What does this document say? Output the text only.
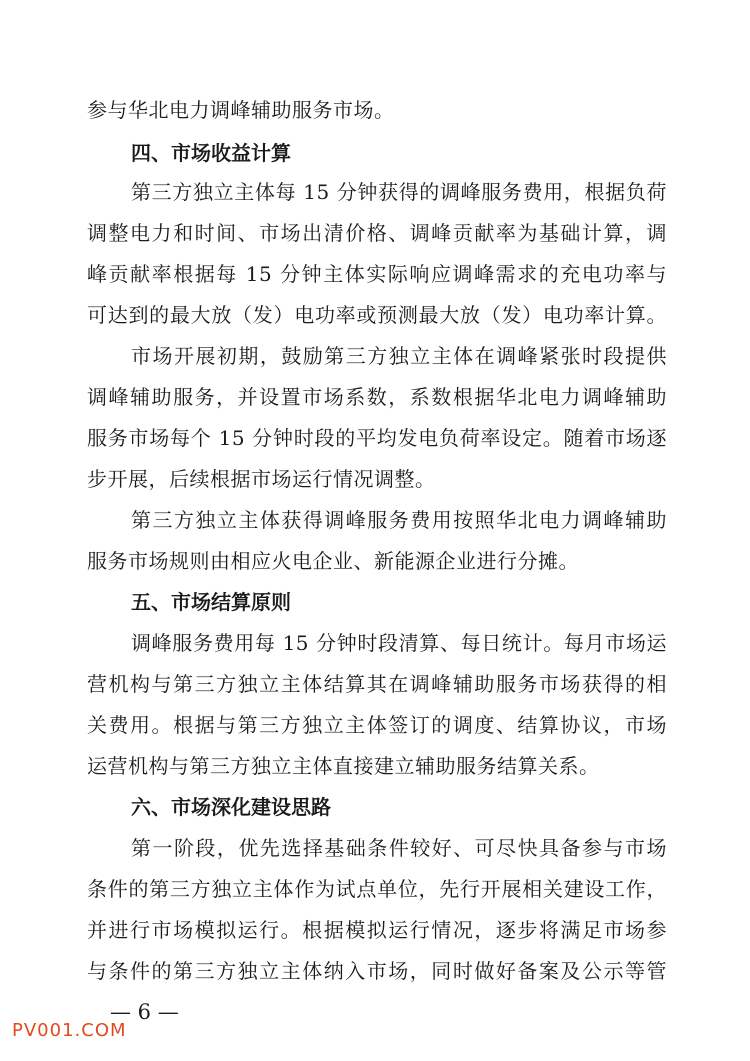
参与华北电力调峰辅助服务市场。
四、市场收益计算
第三方独立主体每 15 分钟获得的调峰服务费用，根据负荷
调整电力和时间、市场出清价格、调峰贡献率为基础计算，调
峰贡献率根据每 15 分钟主体实际响应调峰需求的充电功率与
可达到的最大放（发）电功率或预测最大放（发）电功率计算。
市场开展初期，鼓励第三方独立主体在调峰紧张时段提供
调峰辅助服务，并设置市场系数，系数根据华北电力调峰辅助
服务市场每个 15 分钟时段的平均发电负荷率设定。随着市场逐
步开展，后续根据市场运行情况调整。
第三方独立主体获得调峰服务费用按照华北电力调峰辅助
服务市场规则由相应火电企业、新能源企业进行分摊。
五、市场结算原则
调峰服务费用每 15 分钟时段清算、每日统计。每月市场运
营机构与第三方独立主体结算其在调峰辅助服务市场获得的相
关费用。根据与第三方独立主体签订的调度、结算协议，市场
运营机构与第三方独立主体直接建立辅助服务结算关系。
六、市场深化建设思路
第一阶段，优先选择基础条件较好、可尽快具备参与市场
条件的第三方独立主体作为试点单位，先行开展相关建设工作，
并进行市场模拟运行。根据模拟运行情况，逐步将满足市场参
与条件的第三方独立主体纳入市场，同时做好备案及公示等管
— 6 —
PV001.COM
